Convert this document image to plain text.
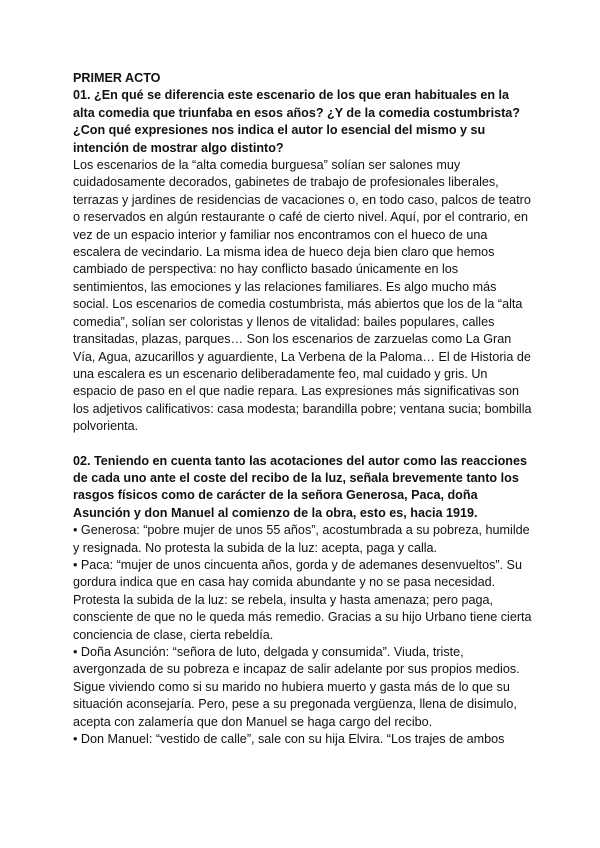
PRIMER ACTO

01. ¿En qué se diferencia este escenario de los que eran habituales en la alta comedia que triunfaba en esos años? ¿Y de la comedia costumbrista? ¿Con qué expresiones nos indica el autor lo esencial del mismo y su intención de mostrar algo distinto?

Los escenarios de la “alta comedia burguesa” solían ser salones muy cuidadosamente decorados, gabinetes de trabajo de profesionales liberales, terrazas y jardines de residencias de vacaciones o, en todo caso, palcos de teatro o reservados en algún restaurante o café de cierto nivel. Aquí, por el contrario, en vez de un espacio interior y familiar nos encontramos con el hueco de una escalera de vecindario. La misma idea de hueco deja bien claro que hemos cambiado de perspectiva: no hay conflicto basado únicamente en los sentimientos, las emociones y las relaciones familiares. Es algo mucho más social. Los escenarios de comedia costumbrista, más abiertos que los de la “alta comedia”, solían ser coloristas y llenos de vitalidad: bailes populares, calles transitadas, plazas, parques… Son los escenarios de zarzuelas como La Gran Vía, Agua, azucarillos y aguardiente, La Verbena de la Paloma… El de Historia de una escalera es un escenario deliberadamente feo, mal cuidado y gris. Un espacio de paso en el que nadie repara. Las expresiones más significativas son los adjetivos calificativos: casa modesta; barandilla pobre; ventana sucia; bombilla polvorienta.

02. Teniendo en cuenta tanto las acotaciones del autor como las reacciones de cada uno ante el coste del recibo de la luz, señala brevemente tanto los rasgos físicos como de carácter de la señora Generosa, Paca, doña Asunción y don Manuel al comienzo de la obra, esto es, hacia 1919.

• Generosa: “pobre mujer de unos 55 años”, acostumbrada a su pobreza, humilde y resignada. No protesta la subida de la luz: acepta, paga y calla.

• Paca: “mujer de unos cincuenta años, gorda y de ademanes desenvueltos”. Su gordura indica que en casa hay comida abundante y no se pasa necesidad. Protesta la subida de la luz: se rebela, insulta y hasta amenaza; pero paga, consciente de que no le queda más remedio. Gracias a su hijo Urbano tiene cierta conciencia de clase, cierta rebeldía.

• Doña Asunción: “señora de luto, delgada y consumida”. Viuda, triste, avergonzada de su pobreza e incapaz de salir adelante por sus propios medios. Sigue viviendo como si su marido no hubiera muerto y gasta más de lo que su situación aconsejaría. Pero, pese a su pregonada vergüenza, llena de disimulo, acepta con zalamería que don Manuel se haga cargo del recibo.

• Don Manuel: “vestido de calle”, sale con su hija Elvira. “Los trajes de ambos
